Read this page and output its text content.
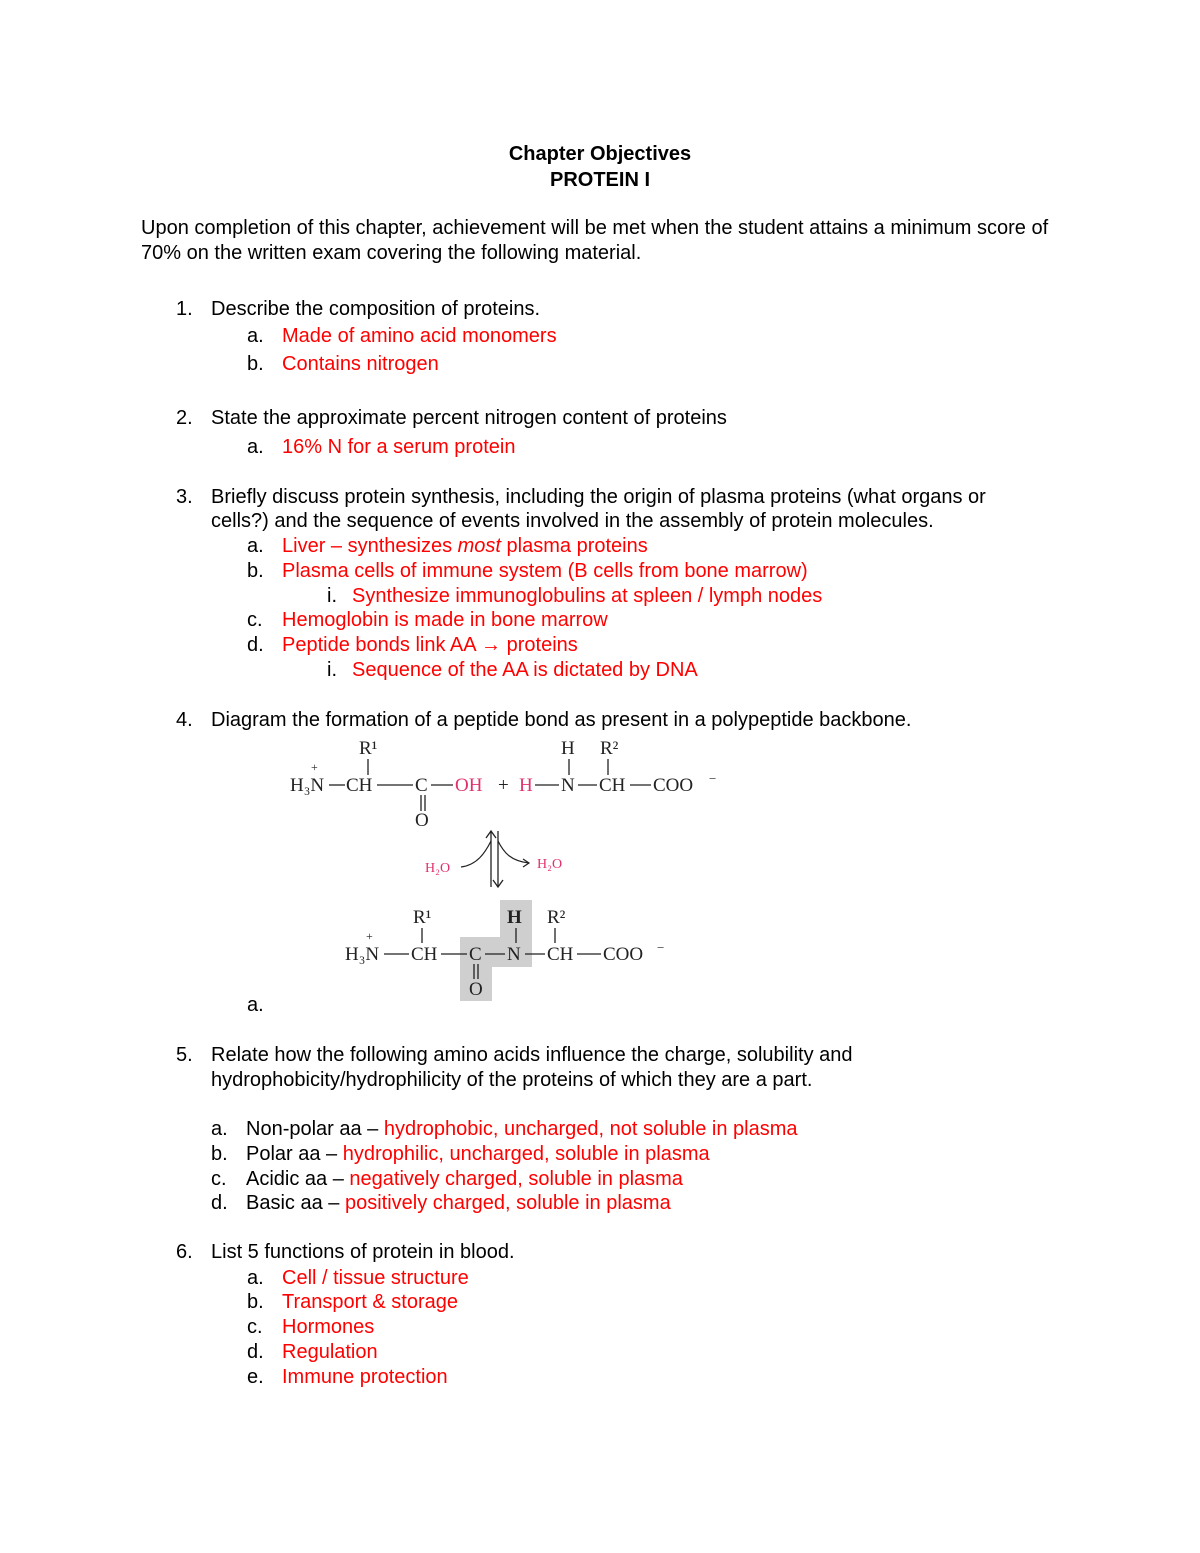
Chapter Objectives
PROTEIN I
Upon completion of this chapter, achievement will be met when the student attains a minimum score of 70% on the written exam covering the following material.
1. Describe the composition of proteins.
a. Made of amino acid monomers
b. Contains nitrogen
2. State the approximate percent nitrogen content of proteins
a. 16% N for a serum protein
3. Briefly discuss protein synthesis, including the origin of plasma proteins (what organs or
cells?) and the sequence of events involved in the assembly of protein molecules.
a. Liver – synthesizes most plasma proteins
b. Plasma cells of immune system (B cells from bone marrow)
i. Synthesize immunoglobulins at spleen / lymph nodes
c. Hemoglobin is made in bone marrow
d. Peptide bonds link AA → proteins
i. Sequence of the AA is dictated by DNA
4. Diagram the formation of a peptide bond as present in a polypeptide backbone.
R¹	H R²
H₃N
+
CH C OH + H N CH COO −
O
H₂O	H₂O
R¹	H R²
H₃N
+
CH C N CH COO −
O
a.
5. Relate how the following amino acids influence the charge, solubility and
hydrophobicity/hydrophilicity of the proteins of which they are a part.
a. Non-polar aa – hydrophobic, uncharged, not soluble in plasma
b. Polar aa – hydrophilic, uncharged, soluble in plasma
c. Acidic aa – negatively charged, soluble in plasma
d. Basic aa – positively charged, soluble in plasma
6. List 5 functions of protein in blood.
a. Cell / tissue structure
b. Transport & storage
c. Hormones
d. Regulation
e. Immune protection
